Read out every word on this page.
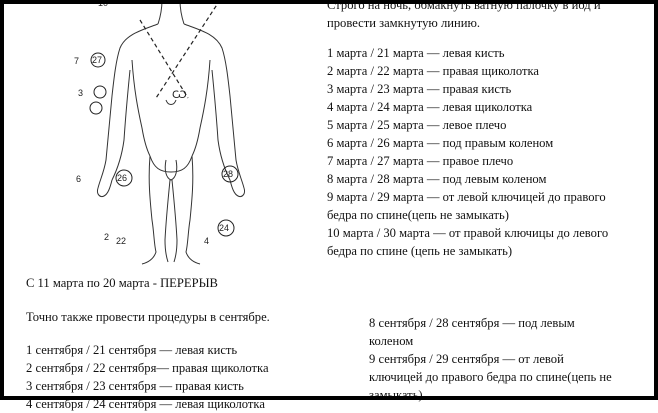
7 27
3
6	26	28
2 22
24
4
10
Ѡ
Строго на ночь, обмакнуть ватную палочку в йод и
провести замкнутую линию.
1 марта / 21 марта — левая кисть
2 марта / 22 марта — правая щиколотка
3 марта / 23 марта — правая кисть
4 марта / 24 марта — левая щиколотка
5 марта / 25 марта — левое плечо
6 марта / 26 марта — под правым коленом
7 марта / 27 марта — правое плечо
8 марта / 28 марта — под левым коленом
9 марта / 29 марта — от левой ключицей до правого
бедра по спине(цепь не замыкать)
10 марта / 30 марта — от правой ключицы до левого
бедра по спине (цепь не замыкать)
С 11 марта по 20 марта - ПЕРЕРЫВ
Точно также провести процедуры в сентябре.
1 сентября / 21 сентября — левая кисть
2 сентября / 22 сентября— правая щиколотка
3 сентября / 23 сентября — правая кисть
4 сентября / 24 сентября — левая щиколотка
8 сентября / 28 сентября — под левым
коленом
9 сентября / 29 сентября — от левой
ключицей до правого бедра по спине(цепь не
замыкать)
